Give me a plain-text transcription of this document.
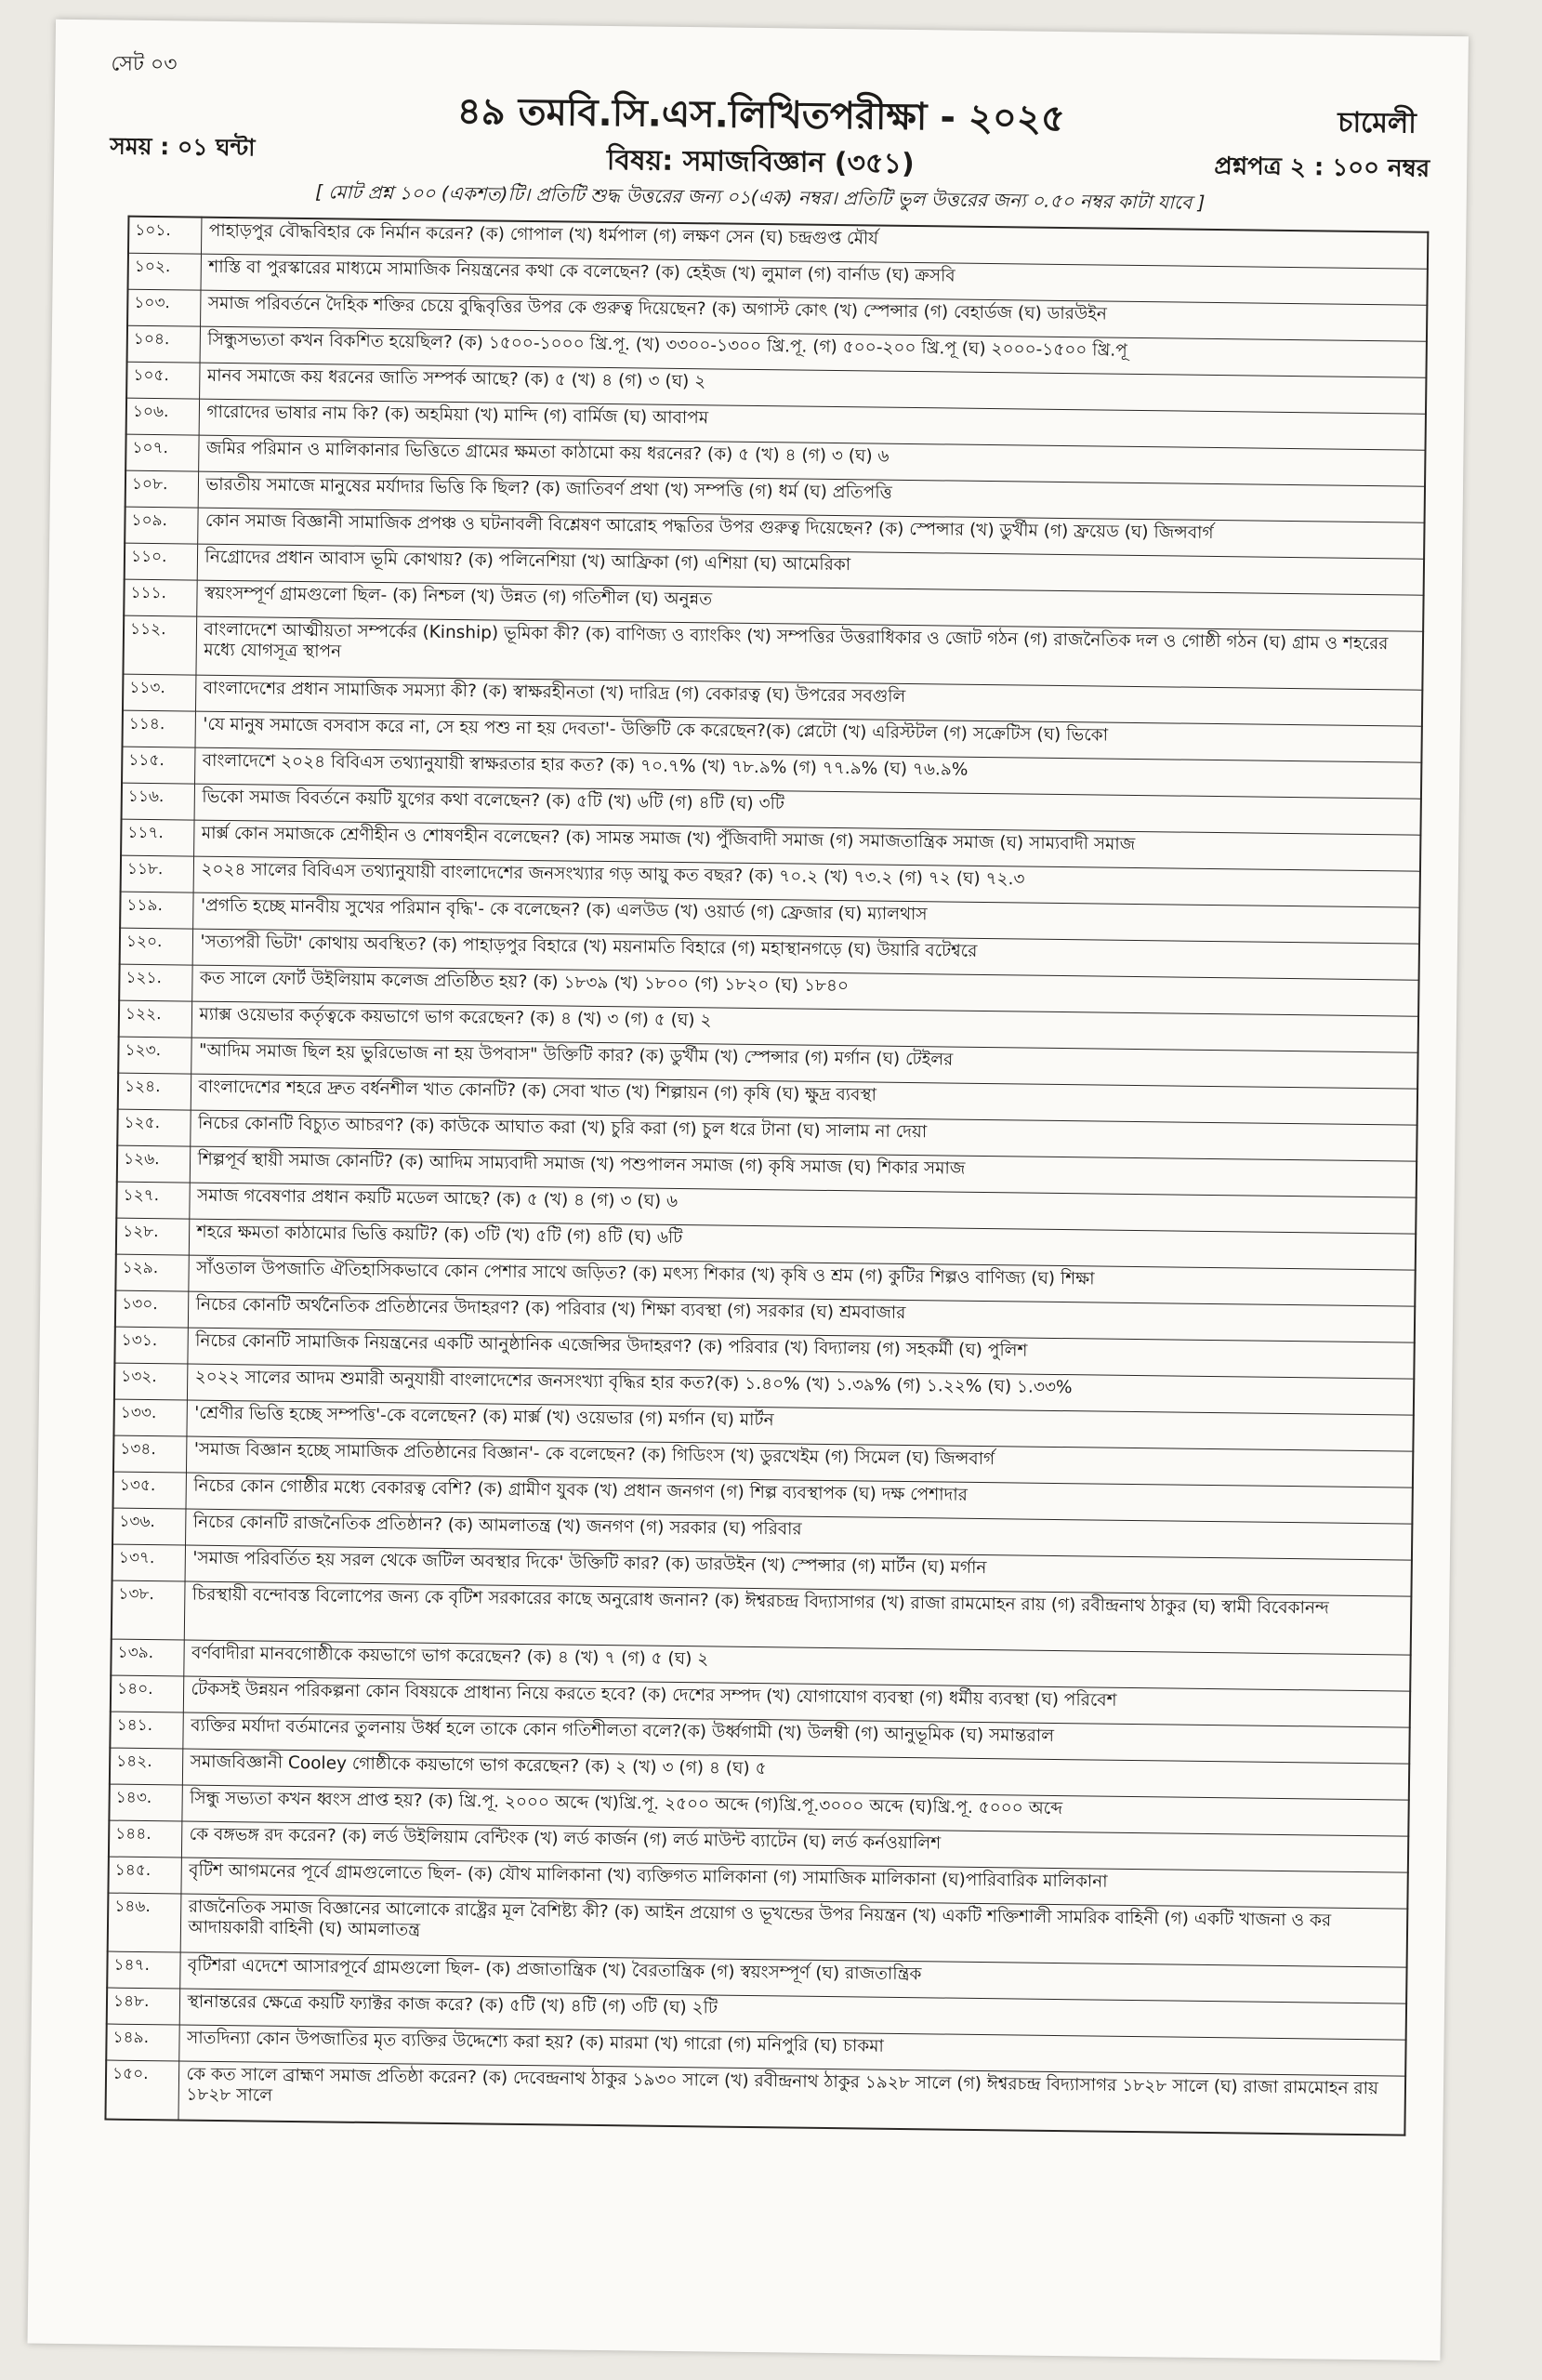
সেট ০৩
৪৯ তমবি.সি.এস.লিখিতপরীক্ষা - ২০২৫	চামেলী
সময় : ০১ ঘন্টা	বিষয়: সমাজবিজ্ঞান (৩৫১)	প্রশ্নপত্র ২ : ১০০ নম্বর
[ মোট প্রশ্ন ১০০ (একশত)টি। প্রতিটি শুদ্ধ উত্তরের জন্য ০১(এক) নম্বর। প্রতিটি ভুল উত্তরের জন্য ০.৫০ নম্বর কাটা যাবে ]
১০১.	পাহাড়পুর বৌদ্ধবিহার কে নির্মান করেন? (ক) গোপাল (খ) ধর্মপাল (গ) লক্ষণ সেন (ঘ) চন্দ্রগুপ্ত মৌর্য
১০২.	শাস্তি বা পুরস্কারের মাধ্যমে সামাজিক নিয়ন্ত্রনের কথা কে বলেছেন? (ক) হেইজ (খ) লুমাল (গ) বার্নাড (ঘ) ক্রসবি
১০৩.	সমাজ পরিবর্তনে দৈহিক শক্তির চেয়ে বুদ্ধিবৃত্তির উপর কে গুরুত্ব দিয়েছেন? (ক) অগাস্ট কোৎ (খ) স্পেন্সার (গ) বেহার্ডজ (ঘ) ডারউইন
১০৪.	সিন্ধুসভ্যতা কখন বিকশিত হয়েছিল? (ক) ১৫০০-১০০০ খ্রি.পূ. (খ) ৩৩০০-১৩০০ খ্রি.পূ. (গ) ৫০০-২০০ খ্রি.পূ (ঘ) ২০০০-১৫০০ খ্রি.পূ
১০৫.	মানব সমাজে কয় ধরনের জাতি সম্পর্ক আছে? (ক) ৫ (খ) ৪ (গ) ৩ (ঘ) ২
১০৬.	গারোদের ভাষার নাম কি? (ক) অহমিয়া (খ) মান্দি (গ) বার্মিজ (ঘ) আবাপম
১০৭.	জমির পরিমান ও মালিকানার ভিত্তিতে গ্রামের ক্ষমতা কাঠামো কয় ধরনের? (ক) ৫ (খ) ৪ (গ) ৩ (ঘ) ৬
১০৮.	ভারতীয় সমাজে মানুষের মর্যাদার ভিত্তি কি ছিল? (ক) জাতিবর্ণ প্রথা (খ) সম্পত্তি (গ) ধর্ম (ঘ) প্রতিপত্তি
১০৯.	কোন সমাজ বিজ্ঞানী সামাজিক প্রপঞ্চ ও ঘটনাবলী বিশ্লেষণ আরোহ পদ্ধতির উপর গুরুত্ব দিয়েছেন? (ক) স্পেন্সার (খ) ডুর্খীম (গ) ফ্রয়েড (ঘ) জিন্সবার্গ
১১০.	নিগ্রোদের প্রধান আবাস ভূমি কোথায়? (ক) পলিনেশিয়া (খ) আফ্রিকা (গ) এশিয়া (ঘ) আমেরিকা
১১১.	স্বয়ংসম্পূর্ণ গ্রামগুলো ছিল- (ক) নিশ্চল (খ) উন্নত (গ) গতিশীল (ঘ) অনুন্নত
১১২.	বাংলাদেশে আত্মীয়তা সম্পর্কের (Kinship) ভূমিকা কী? (ক) বাণিজ্য ও ব্যাংকিং (খ) সম্পত্তির উত্তরাধিকার ও জোট গঠন (গ) রাজনৈতিক দল ও গোষ্ঠী গঠন (ঘ) গ্রাম ও শহরের মধ্যে যোগসূত্র স্থাপন
১১৩.	বাংলাদেশের প্রধান সামাজিক সমস্যা কী? (ক) স্বাক্ষরহীনতা (খ) দারিদ্র (গ) বেকারত্ব (ঘ) উপরের সবগুলি
১১৪.	'যে মানুষ সমাজে বসবাস করে না, সে হয় পশু না হয় দেবতা'- উক্তিটি কে করেছেন?(ক) প্লেটো (খ) এরিস্টটল (গ) সক্রেটিস (ঘ) ভিকো
১১৫.	বাংলাদেশে ২০২৪ বিবিএস তথ্যানুযায়ী স্বাক্ষরতার হার কত? (ক) ৭০.৭% (খ) ৭৮.৯% (গ) ৭৭.৯% (ঘ) ৭৬.৯%
১১৬.	ভিকো সমাজ বিবর্তনে কয়টি যুগের কথা বলেছেন? (ক) ৫টি (খ) ৬টি (গ) ৪টি (ঘ) ৩টি
১১৭.	মার্ক্স কোন সমাজকে শ্রেণীহীন ও শোষণহীন বলেছেন? (ক) সামন্ত সমাজ (খ) পুঁজিবাদী সমাজ (গ) সমাজতান্ত্রিক সমাজ (ঘ) সাম্যবাদী সমাজ
১১৮.	২০২৪ সালের বিবিএস তথ্যানুযায়ী বাংলাদেশের জনসংখ্যার গড় আয়ু কত বছর? (ক) ৭০.২ (খ) ৭৩.২ (গ) ৭২ (ঘ) ৭২.৩
১১৯.	'প্রগতি হচ্ছে মানবীয় সুখের পরিমান বৃদ্ধি'- কে বলেছেন? (ক) এলউড (খ) ওয়ার্ড (গ) ফ্রেজার (ঘ) ম্যালথাস
১২০.	'সত্যপরী ভিটা' কোথায় অবস্থিত? (ক) পাহাড়পুর বিহারে (খ) ময়নামতি বিহারে (গ) মহাস্থানগড়ে (ঘ) উয়ারি বটেশ্বরে
১২১.	কত সালে ফোর্ট উইলিয়াম কলেজ প্রতিষ্ঠিত হয়? (ক) ১৮৩৯ (খ) ১৮০০ (গ) ১৮২০ (ঘ) ১৮৪০
১২২.	ম্যাক্স ওয়েভার কর্তৃত্বকে কয়ভাগে ভাগ করেছেন? (ক) ৪ (খ) ৩ (গ) ৫ (ঘ) ২
১২৩.	"আদিম সমাজ ছিল হয় ভুরিভোজ না হয় উপবাস" উক্তিটি কার? (ক) ডুর্খীম (খ) স্পেন্সার (গ) মর্গান (ঘ) টেইলর
১২৪.	বাংলাদেশের শহরে দ্রুত বর্ধনশীল খাত কোনটি? (ক) সেবা খাত (খ) শিল্পায়ন (গ) কৃষি (ঘ) ক্ষুদ্র ব্যবস্থা
১২৫.	নিচের কোনটি বিচ্যুত আচরণ? (ক) কাউকে আঘাত করা (খ) চুরি করা (গ) চুল ধরে টানা (ঘ) সালাম না দেয়া
১২৬.	শিল্পপূর্ব স্থায়ী সমাজ কোনটি? (ক) আদিম সাম্যবাদী সমাজ (খ) পশুপালন সমাজ (গ) কৃষি সমাজ (ঘ) শিকার সমাজ
১২৭.	সমাজ গবেষণার প্রধান কয়টি মডেল আছে? (ক) ৫ (খ) ৪ (গ) ৩ (ঘ) ৬
১২৮.	শহরে ক্ষমতা কাঠামোর ভিত্তি কয়টি? (ক) ৩টি (খ) ৫টি (গ) ৪টি (ঘ) ৬টি
১২৯.	সাঁওতাল উপজাতি ঐতিহাসিকভাবে কোন পেশার সাথে জড়িত? (ক) মৎস্য শিকার (খ) কৃষি ও শ্রম (গ) কুটির শিল্পও বাণিজ্য (ঘ) শিক্ষা
১৩০.	নিচের কোনটি অর্থনৈতিক প্রতিষ্ঠানের উদাহরণ? (ক) পরিবার (খ) শিক্ষা ব্যবস্থা (গ) সরকার (ঘ) শ্রমবাজার
১৩১.	নিচের কোনটি সামাজিক নিয়ন্ত্রনের একটি আনুষ্ঠানিক এজেন্সির উদাহরণ? (ক) পরিবার (খ) বিদ্যালয় (গ) সহকর্মী (ঘ) পুলিশ
১৩২.	২০২২ সালের আদম শুমারী অনুযায়ী বাংলাদেশের জনসংখ্যা বৃদ্ধির হার কত?(ক) ১.৪০% (খ) ১.৩৯% (গ) ১.২২% (ঘ) ১.৩৩%
১৩৩.	'শ্রেণীর ভিত্তি হচ্ছে সম্পত্তি'-কে বলেছেন? (ক) মার্ক্স (খ) ওয়েভার (গ) মর্গান (ঘ) মার্টন
১৩৪.	'সমাজ বিজ্ঞান হচ্ছে সামাজিক প্রতিষ্ঠানের বিজ্ঞান'- কে বলেছেন? (ক) গিডিংস (খ) ডুরখেইম (গ) সিমেল (ঘ) জিন্সবার্গ
১৩৫.	নিচের কোন গোষ্ঠীর মধ্যে বেকারত্ব বেশি? (ক) গ্রামীণ যুবক (খ) প্রধান জনগণ (গ) শিল্প ব্যবস্থাপক (ঘ) দক্ষ পেশাদার
১৩৬.	নিচের কোনটি রাজনৈতিক প্রতিষ্ঠান? (ক) আমলাতন্ত্র (খ) জনগণ (গ) সরকার (ঘ) পরিবার
১৩৭.	'সমাজ পরিবর্তিত হয় সরল থেকে জটিল অবস্থার দিকে' উক্তিটি কার? (ক) ডারউইন (খ) স্পেন্সার (গ) মার্টন (ঘ) মর্গান
১৩৮.	চিরস্থায়ী বন্দোবস্ত বিলোপের জন্য কে বৃটিশ সরকারের কাছে অনুরোধ জনান? (ক) ঈশ্বরচন্দ্র বিদ্যাসাগর (খ) রাজা রামমোহন রায় (গ) রবীন্দ্রনাথ ঠাকুর (ঘ) স্বামী বিবেকানন্দ
১৩৯.	বর্ণবাদীরা মানবগোষ্ঠীকে কয়ভাগে ভাগ করেছেন? (ক) ৪ (খ) ৭ (গ) ৫ (ঘ) ২
১৪০.	টেকসই উন্নয়ন পরিকল্পনা কোন বিষয়কে প্রাধান্য নিয়ে করতে হবে? (ক) দেশের সম্পদ (খ) যোগাযোগ ব্যবস্থা (গ) ধর্মীয় ব্যবস্থা (ঘ) পরিবেশ
১৪১.	ব্যক্তির মর্যাদা বর্তমানের তুলনায় উর্ধ্ব হলে তাকে কোন গতিশীলতা বলে?(ক) উর্ধ্বগামী (খ) উলম্বী (গ) আনুভূমিক (ঘ) সমান্তরাল
১৪২.	সমাজবিজ্ঞানী Cooley গোষ্ঠীকে কয়ভাগে ভাগ করেছেন? (ক) ২ (খ) ৩ (গ) ৪ (ঘ) ৫
১৪৩.	সিন্ধু সভ্যতা কখন ধ্বংস প্রাপ্ত হয়? (ক) খ্রি.পূ. ২০০০ অব্দে (খ)খ্রি.পূ. ২৫০০ অব্দে (গ)খ্রি.পূ.৩০০০ অব্দে (ঘ)খ্রি.পূ. ৫০০০ অব্দে
১৪৪.	কে বঙ্গভঙ্গ রদ করেন? (ক) লর্ড উইলিয়াম বেন্টিংক (খ) লর্ড কার্জন (গ) লর্ড মাউন্ট ব্যাটেন (ঘ) লর্ড কর্নওয়ালিশ
১৪৫.	বৃটিশ আগমনের পূর্বে গ্রামগুলোতে ছিল- (ক) যৌথ মালিকানা (খ) ব্যক্তিগত মালিকানা (গ) সামাজিক মালিকানা (ঘ)পারিবারিক মালিকানা
১৪৬.	রাজনৈতিক সমাজ বিজ্ঞানের আলোকে রাষ্ট্রের মূল বৈশিষ্ট্য কী? (ক) আইন প্রয়োগ ও ভূখন্ডের উপর নিয়ন্ত্রন (খ) একটি শক্তিশালী সামরিক বাহিনী (গ) একটি খাজনা ও কর আদায়কারী বাহিনী (ঘ) আমলাতন্ত্র
১৪৭.	বৃটিশরা এদেশে আসারপূর্বে গ্রামগুলো ছিল- (ক) প্রজাতান্ত্রিক (খ) বৈরতান্ত্রিক (গ) স্বয়ংসম্পূর্ণ (ঘ) রাজতান্ত্রিক
১৪৮.	স্থানান্তরের ক্ষেত্রে কয়টি ফ্যাক্টর কাজ করে? (ক) ৫টি (খ) ৪টি (গ) ৩টি (ঘ) ২টি
১৪৯.	সাতদিন্যা কোন উপজাতির মৃত ব্যক্তির উদ্দেশ্যে করা হয়? (ক) মারমা (খ) গারো (গ) মনিপুরি (ঘ) চাকমা
১৫০.	কে কত সালে ব্রাহ্মণ সমাজ প্রতিষ্ঠা করেন? (ক) দেবেন্দ্রনাথ ঠাকুর ১৯৩০ সালে (খ) রবীন্দ্রনাথ ঠাকুর ১৯২৮ সালে (গ) ঈশ্বরচন্দ্র বিদ্যাসাগর ১৮২৮ সালে (ঘ) রাজা রামমোহন রায় ১৮২৮ সালে
